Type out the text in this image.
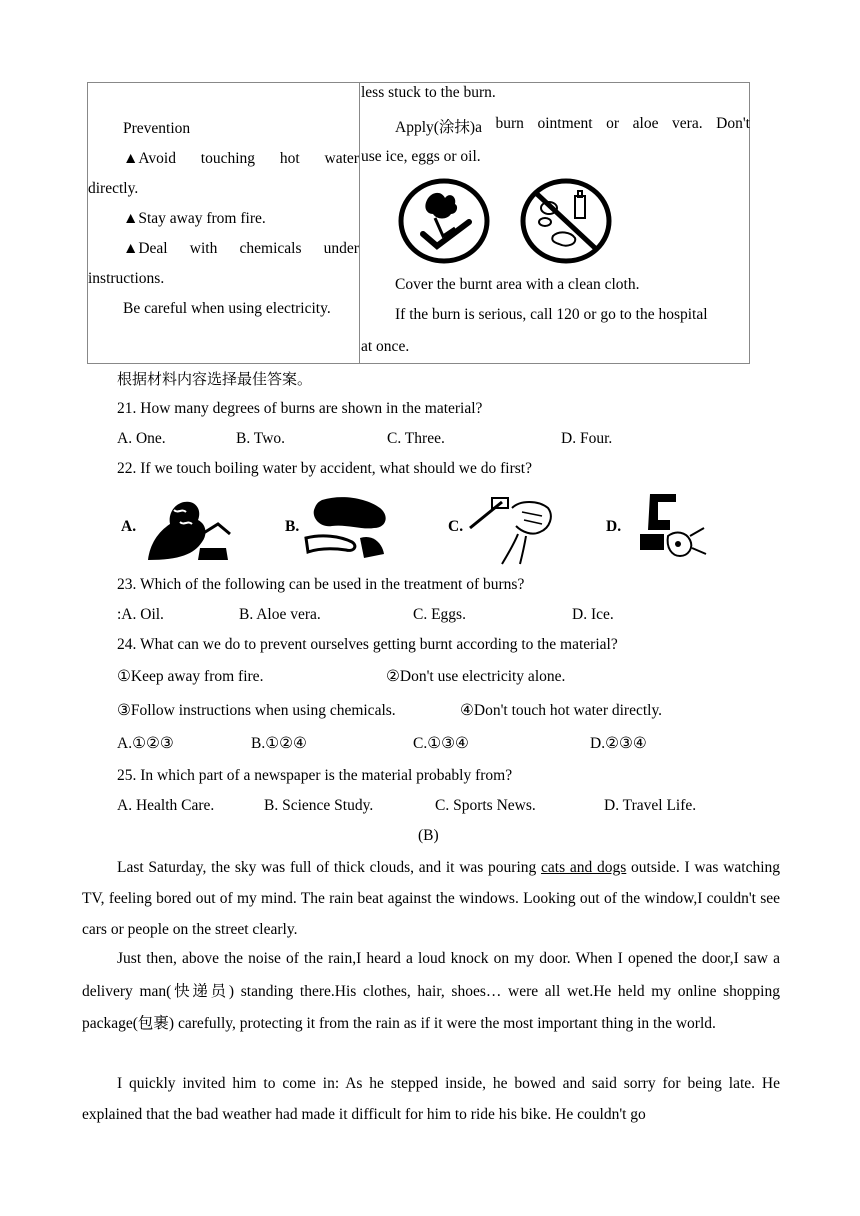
Prevention
▲Avoid touching hot water
directly.
▲Stay away from fire.
▲Deal with chemicals under
instructions.
Be careful when using electricity.
less stuck to the burn.
Apply(涂抹)a burn ointment or aloe vera. Don't
use ice, eggs or oil.
Cover the burnt area with a clean cloth.
If the burn is serious, call 120 or go to the hospital
at once.
根据材料内容选择最佳答案。
21. How many degrees of burns are shown in the material?
A. One.	B. Two.	C. Three.	D. Four.
22. If we touch boiling water by accident, what should we do first?
A.	B.	C.	D.
23. Which of the following can be used in the treatment of burns?
:A. Oil.	B. Aloe vera.	C. Eggs.	D. Ice.
24. What can we do to prevent ourselves getting burnt according to the material?
①Keep away from fire.	②Don't use electricity alone.
③Follow instructions when using chemicals.	④Don't touch hot water directly.
A.①②③	B.①②④	C.①③④	D.②③④
25. In which part of a newspaper is the material probably from?
A. Health Care.	B. Science Study.	C. Sports News.	D. Travel Life.
(B)
Last Saturday, the sky was full of thick clouds, and it was pouring cats and dogs outside. I was watching TV, feeling bored out of my mind. The rain beat against the windows. Looking out of the window,I couldn't see cars or people on the street clearly.
Just then, above the noise of the rain,I heard a loud knock on my door. When I opened the door,I saw a delivery man(快递员) standing there.His clothes, hair, shoes… were all wet.He held my online shopping package(包裹) carefully, protecting it from the rain as if it were the most important thing in the world.
I quickly invited him to come in: As he stepped inside, he bowed and said sorry for being late. He explained that the bad weather had made it difficult for him to ride his bike. He couldn't go
